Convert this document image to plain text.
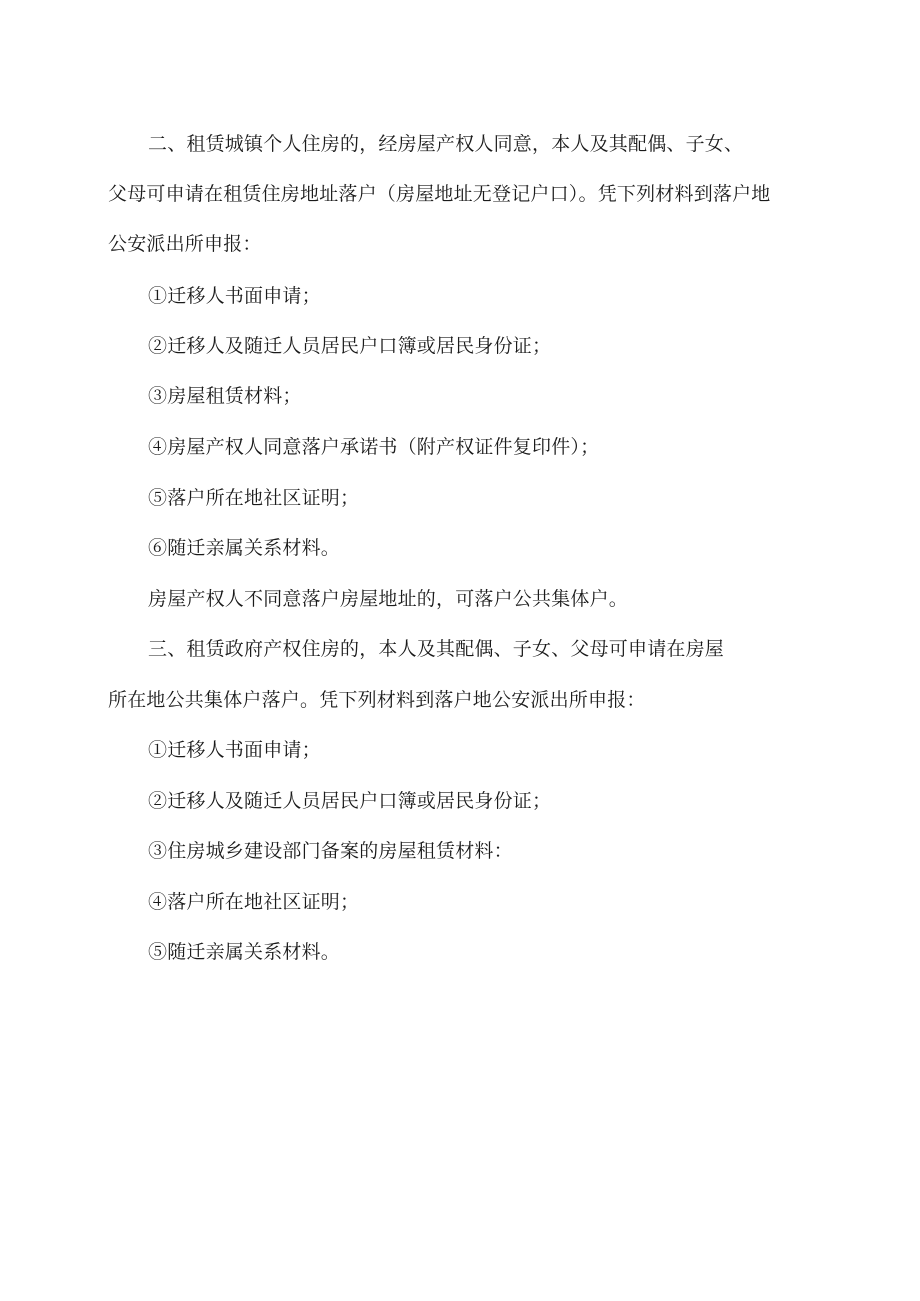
二、租赁城镇个人住房的，经房屋产权人同意，本人及其配偶、子女、
父母可申请在租赁住房地址落户（房屋地址无登记户口）。凭下列材料到落户地
公安派出所申报：
①迁移人书面申请；
②迁移人及随迁人员居民户口簿或居民身份证；
③房屋租赁材料；
④房屋产权人同意落户承诺书（附产权证件复印件）；
⑤落户所在地社区证明；
⑥随迁亲属关系材料。
房屋产权人不同意落户房屋地址的，可落户公共集体户。
三、租赁政府产权住房的，本人及其配偶、子女、父母可申请在房屋
所在地公共集体户落户。凭下列材料到落户地公安派出所申报：
①迁移人书面申请；
②迁移人及随迁人员居民户口簿或居民身份证；
③住房城乡建设部门备案的房屋租赁材料：
④落户所在地社区证明；
⑤随迁亲属关系材料。
